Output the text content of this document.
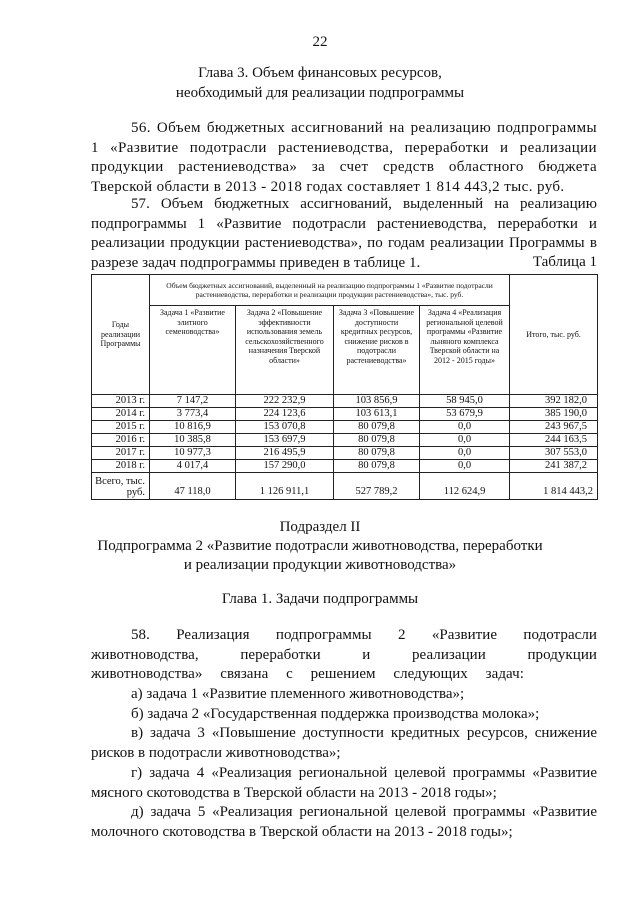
22
Глава 3. Объем финансовых ресурсов,
необходимый для реализации подпрограммы
56. Объем бюджетных ассигнований на реализацию подпрограммы 1 «Развитие подотрасли растениеводства, переработки и реализации продукции растениеводства» за счет средств областного бюджета Тверской области в 2013 - 2018 годах составляет 1 814 443,2 тыс. руб.
57. Объем бюджетных ассигнований, выделенный на реализацию подпрограммы 1 «Развитие подотрасли растениеводства, переработки и реализации продукции растениеводства», по годам реализации Программы в разрезе задач подпрограммы приведен в таблице 1.	Таблица 1
Годы реализации Программы	Объем бюджетных ассигнований, выделенный на реализацию подпрограммы 1 «Развитие подотрасли растениеводства, переработки и реализации продукции растениеводства», тыс. руб.				Итого, тыс. руб.
	Задача 1 «Развитие элитного семеноводства»	Задача 2 «Повышение эффективности использования земель сельскохозяйственного назначения Тверской области»	Задача 3 «Повышение доступности кредитных ресурсов, снижение рисков в подотрасли растениеводства»	Задача 4 «Реализация региональной целевой программы «Развитие льняного комплекса Тверской области на 2012 - 2015 годы»	
2013 г.	7 147,2	222 232,9	103 856,9	58 945,0	392 182,0
2014 г.	3 773,4	224 123,6	103 613,1	53 679,9	385 190,0
2015 г.	10 816,9	153 070,8	80 079,8	0,0	243 967,5
2016 г.	10 385,8	153 697,9	80 079,8	0,0	244 163,5
2017 г.	10 977,3	216 495,9	80 079,8	0,0	307 553,0
2018 г.	4 017,4	157 290,0	80 079,8	0,0	241 387,2
Всего, тыс. руб.	47 118,0	1 126 911,1	527 789,2	112 624,9	1 814 443,2
Подраздел II
Подпрограмма 2 «Развитие подотрасли животноводства, переработки
и реализации продукции животноводства»
Глава 1. Задачи подпрограммы
58. Реализация подпрограммы 2 «Развитие подотрасли животноводства, переработки и реализации продукции животноводства» связана с решением следующих задач:
а) задача 1 «Развитие племенного животноводства»;
б) задача 2 «Государственная поддержка производства молока»;
в) задача 3 «Повышение доступности кредитных ресурсов, снижение рисков в подотрасли животноводства»;
г) задача 4 «Реализация региональной целевой программы «Развитие мясного скотоводства в Тверской области на 2013 - 2018 годы»;
д) задача 5 «Реализация региональной целевой программы «Развитие молочного скотоводства в Тверской области на 2013 - 2018 годы»;
